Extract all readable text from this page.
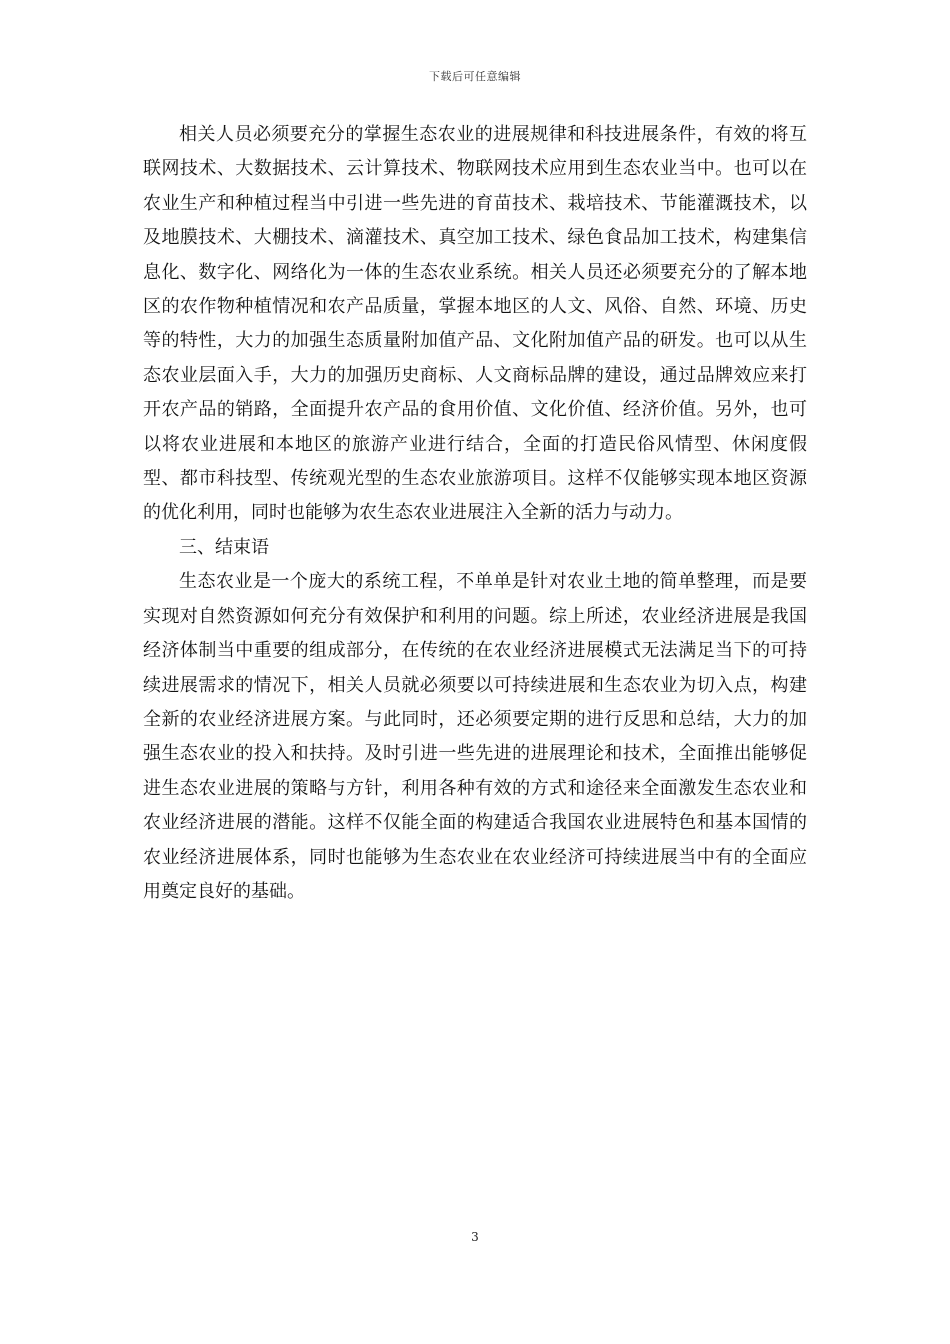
下载后可任意编辑

相关人员必须要充分的掌握生态农业的进展规律和科技进展条件，有效的将互联网技术、大数据技术、云计算技术、物联网技术应用到生态农业当中。也可以在农业生产和种植过程当中引进一些先进的育苗技术、栽培技术、节能灌溉技术，以及地膜技术、大棚技术、滴灌技术、真空加工技术、绿色食品加工技术，构建集信息化、数字化、网络化为一体的生态农业系统。相关人员还必须要充分的了解本地区的农作物种植情况和农产品质量，掌握本地区的人文、风俗、自然、环境、历史等的特性，大力的加强生态质量附加值产品、文化附加值产品的研发。也可以从生态农业层面入手，大力的加强历史商标、人文商标品牌的建设，通过品牌效应来打开农产品的销路，全面提升农产品的食用价值、文化价值、经济价值。另外，也可以将农业进展和本地区的旅游产业进行结合，全面的打造民俗风情型、休闲度假型、都市科技型、传统观光型的生态农业旅游项目。这样不仅能够实现本地区资源的优化利用，同时也能够为农生态农业进展注入全新的活力与动力。

三、结束语

生态农业是一个庞大的系统工程，不单单是针对农业土地的简单整理，而是要实现对自然资源如何充分有效保护和利用的问题。综上所述，农业经济进展是我国经济体制当中重要的组成部分，在传统的在农业经济进展模式无法满足当下的可持续进展需求的情况下，相关人员就必须要以可持续进展和生态农业为切入点，构建全新的农业经济进展方案。与此同时，还必须要定期的进行反思和总结，大力的加强生态农业的投入和扶持。及时引进一些先进的进展理论和技术，全面推出能够促进生态农业进展的策略与方针，利用各种有效的方式和途径来全面激发生态农业和农业经济进展的潜能。这样不仅能全面的构建适合我国农业进展特色和基本国情的农业经济进展体系，同时也能够为生态农业在农业经济可持续进展当中有的全面应用奠定良好的基础。

3
